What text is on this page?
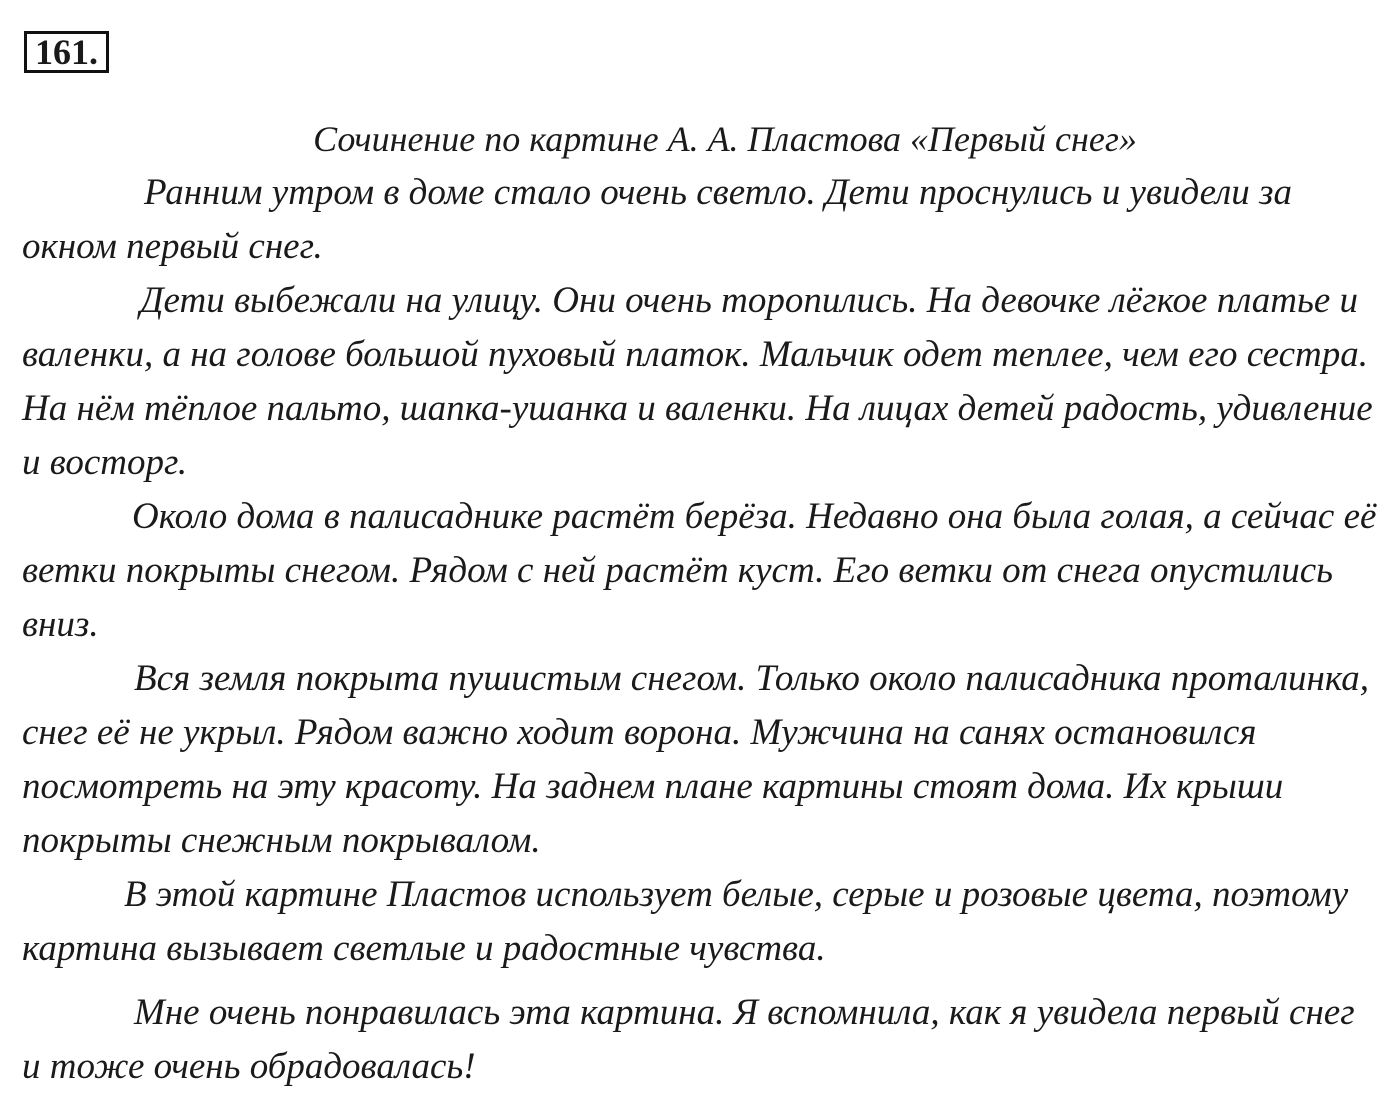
161.

Сочинение по картине А. А. Пластова «Первый снег»

Ранним утром в доме стало очень светло. Дети проснулись и увидели за окном первый снег.

Дети выбежали на улицу. Они очень торопились. На девочке лёгкое платье и валенки, а на голове большой пуховый платок. Мальчик одет теплее, чем его сестра. На нём тёплое пальто, шапка-ушанка и валенки. На лицах детей радость, удивление и восторг.

Около дома в палисаднике растёт берёза. Недавно она была голая, а сейчас её ветки покрыты снегом. Рядом с ней растёт куст. Его ветки от снега опустились вниз.

Вся земля покрыта пушистым снегом. Только около палисадника проталинка, снег её не укрыл. Рядом важно ходит ворона. Мужчина на санях остановился посмотреть на эту красоту. На заднем плане картины стоят дома. Их крыши покрыты снежным покрывалом.

В этой картине Пластов использует белые, серые и розовые цвета, поэтому картина вызывает светлые и радостные чувства.

Мне очень понравилась эта картина. Я вспомнила, как я увидела первый снег и тоже очень обрадовалась!
